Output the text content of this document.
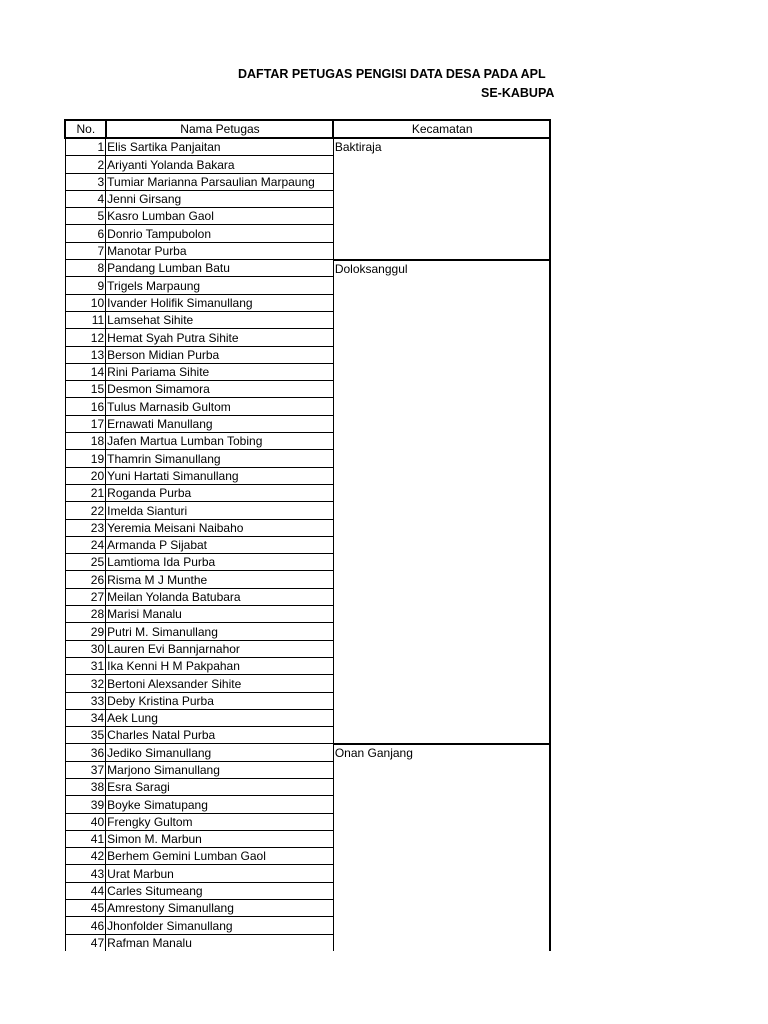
DAFTAR PETUGAS PENGISI DATA DESA PADA APL
SE-KABUPA
No.	Nama Petugas	Kecamatan
1	Elis Sartika Panjaitan	Baktiraja
2	Ariyanti Yolanda Bakara	
3	Tumiar Marianna Parsaulian Marpaung	
4	Jenni Girsang	
5	Kasro Lumban Gaol	
6	Donrio Tampubolon	
7	Manotar Purba	
8	Pandang Lumban Batu	Doloksanggul
9	Trigels Marpaung	
10	Ivander Holifik Simanullang	
11	Lamsehat Sihite	
12	Hemat Syah Putra Sihite	
13	Berson Midian Purba	
14	Rini Pariama Sihite	
15	Desmon Simamora	
16	Tulus Marnasib Gultom	
17	Ernawati Manullang	
18	Jafen Martua Lumban Tobing	
19	Thamrin Simanullang	
20	Yuni Hartati Simanullang	
21	Roganda Purba	
22	Imelda Sianturi	
23	Yeremia Meisani Naibaho	
24	Armanda P Sijabat	
25	Lamtioma Ida Purba	
26	Risma M J Munthe	
27	Meilan Yolanda Batubara	
28	Marisi Manalu	
29	Putri M. Simanullang	
30	Lauren Evi Bannjarnahor	
31	Ika Kenni H M Pakpahan	
32	Bertoni Alexsander Sihite	
33	Deby Kristina Purba	
34	Aek Lung	
35	Charles Natal Purba	
36	Jediko Simanullang	Onan Ganjang
37	Marjono Simanullang	
38	Esra Saragi	
39	Boyke Simatupang	
40	Frengky Gultom	
41	Simon M. Marbun	
42	Berhem Gemini Lumban Gaol	
43	Urat Marbun	
44	Carles Situmeang	
45	Amrestony Simanullang	
46	Jhonfolder Simanullang	
47	Rafman Manalu	
